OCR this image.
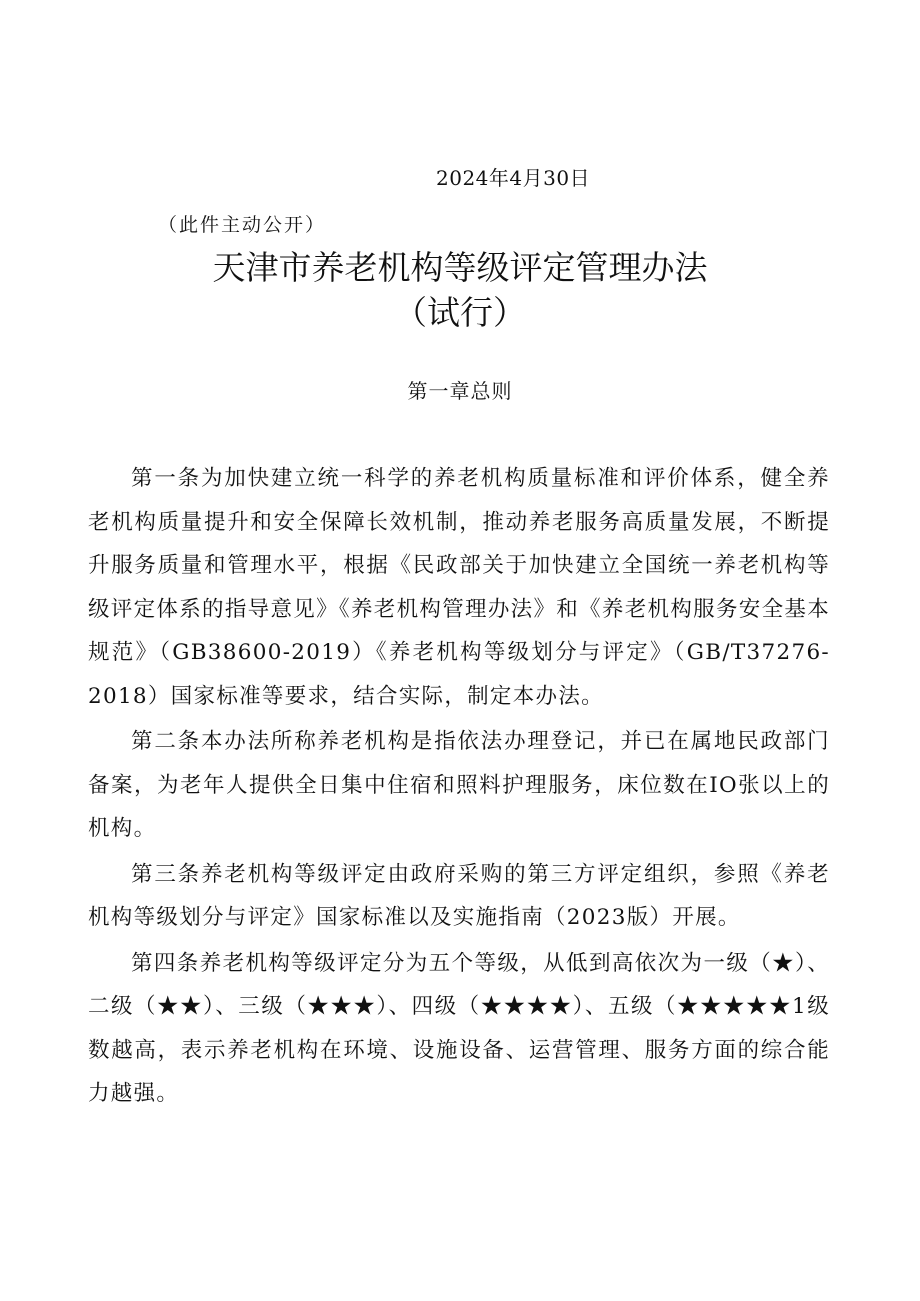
2024年4月30日
（此件主动公开）
天津市养老机构等级评定管理办法
（试行）
第一章总则

第一条为加快建立统一科学的养老机构质量标准和评价体系，健全养老机构质量提升和安全保障长效机制，推动养老服务高质量发展，不断提升服务质量和管理水平，根据《民政部关于加快建立全国统一养老机构等级评定体系的指导意见》《养老机构管理办法》和《养老机构服务安全基本规范》（GB38600-2019）《养老机构等级划分与评定》（GB/T37276-2018）国家标准等要求，结合实际，制定本办法。

第二条本办法所称养老机构是指依法办理登记，并已在属地民政部门备案，为老年人提供全日集中住宿和照料护理服务，床位数在IO张以上的机构。

第三条养老机构等级评定由政府采购的第三方评定组织，参照《养老机构等级划分与评定》国家标准以及实施指南（2023版）开展。

第四条养老机构等级评定分为五个等级，从低到高依次为一级（★）、二级（★★）、三级（★★★）、四级（★★★★）、五级（★★★★★1级数越高，表示养老机构在环境、设施设备、运营管理、服务方面的综合能力越强。
